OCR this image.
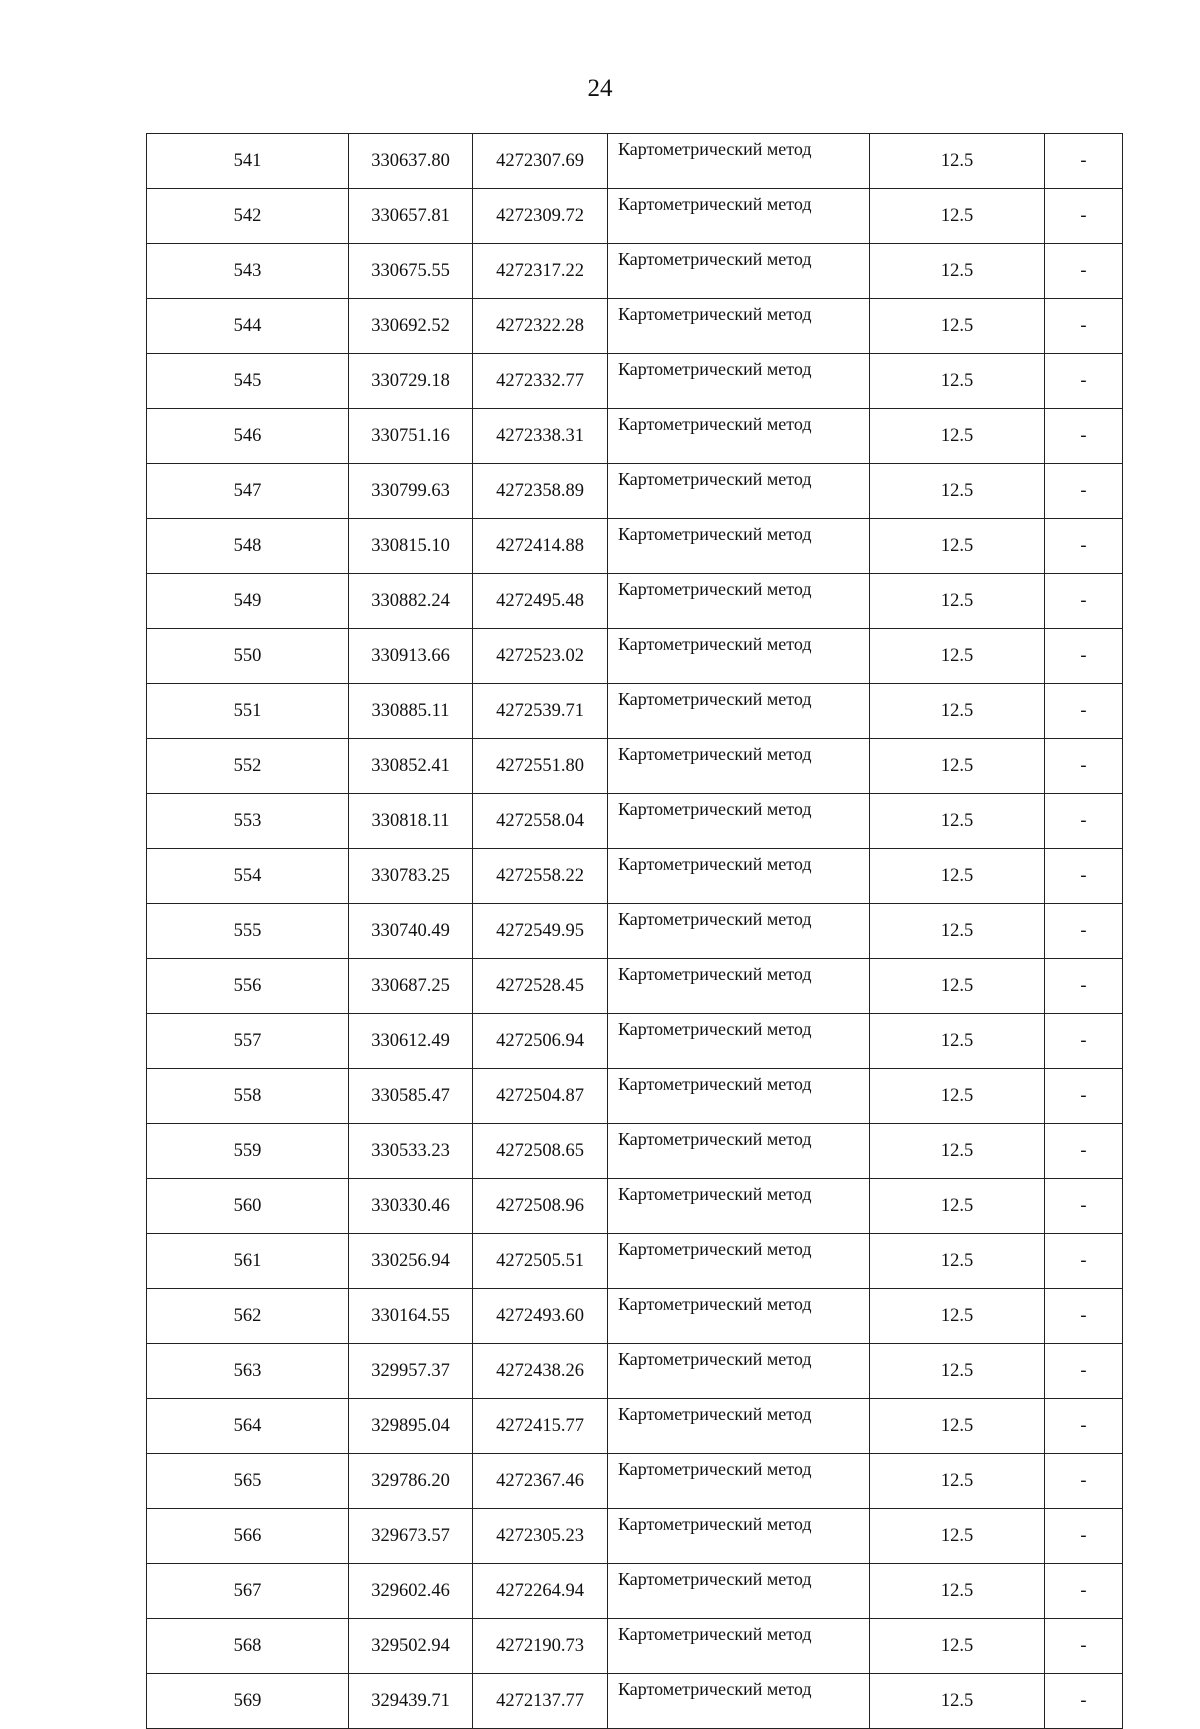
24
541	330637.80	4272307.69	Картометрический метод	12.5	-
542	330657.81	4272309.72	Картометрический метод	12.5	-
543	330675.55	4272317.22	Картометрический метод	12.5	-
544	330692.52	4272322.28	Картометрический метод	12.5	-
545	330729.18	4272332.77	Картометрический метод	12.5	-
546	330751.16	4272338.31	Картометрический метод	12.5	-
547	330799.63	4272358.89	Картометрический метод	12.5	-
548	330815.10	4272414.88	Картометрический метод	12.5	-
549	330882.24	4272495.48	Картометрический метод	12.5	-
550	330913.66	4272523.02	Картометрический метод	12.5	-
551	330885.11	4272539.71	Картометрический метод	12.5	-
552	330852.41	4272551.80	Картометрический метод	12.5	-
553	330818.11	4272558.04	Картометрический метод	12.5	-
554	330783.25	4272558.22	Картометрический метод	12.5	-
555	330740.49	4272549.95	Картометрический метод	12.5	-
556	330687.25	4272528.45	Картометрический метод	12.5	-
557	330612.49	4272506.94	Картометрический метод	12.5	-
558	330585.47	4272504.87	Картометрический метод	12.5	-
559	330533.23	4272508.65	Картометрический метод	12.5	-
560	330330.46	4272508.96	Картометрический метод	12.5	-
561	330256.94	4272505.51	Картометрический метод	12.5	-
562	330164.55	4272493.60	Картометрический метод	12.5	-
563	329957.37	4272438.26	Картометрический метод	12.5	-
564	329895.04	4272415.77	Картометрический метод	12.5	-
565	329786.20	4272367.46	Картометрический метод	12.5	-
566	329673.57	4272305.23	Картометрический метод	12.5	-
567	329602.46	4272264.94	Картометрический метод	12.5	-
568	329502.94	4272190.73	Картометрический метод	12.5	-
569	329439.71	4272137.77	Картометрический метод	12.5	-
